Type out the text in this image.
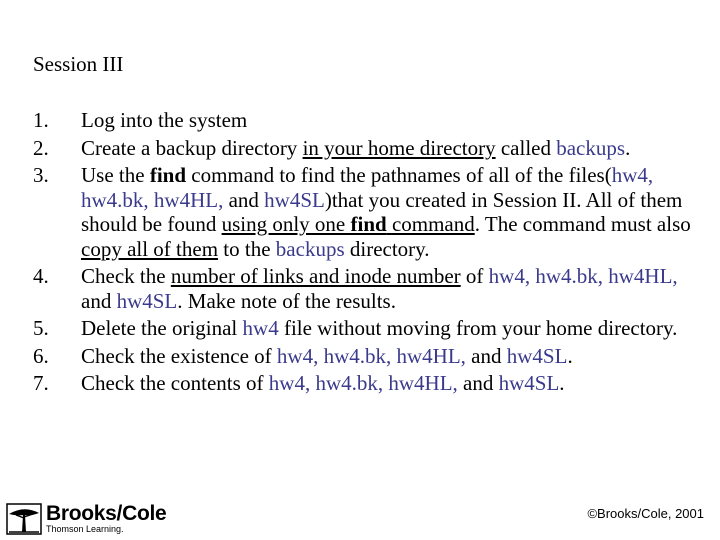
Session III
1.	Log into the system
2.	Create a backup directory in your home directory called backups.
3.	Use the find command to find the pathnames of all of the files(hw4, hw4.bk, hw4HL, and hw4SL)that you created in Session II. All of them should be found using only one find command. The command must also copy all of them to the backups directory.
4.	Check the number of links and inode number of hw4, hw4.bk, hw4HL, and hw4SL. Make note of the results.
5.	Delete the original hw4 file without moving from your home directory.
6.	Check the existence of hw4, hw4.bk, hw4HL, and hw4SL.
7.	Check the contents of hw4, hw4.bk, hw4HL, and hw4SL.
Brooks/Cole
Thomson Learning.
©Brooks/Cole, 2001
